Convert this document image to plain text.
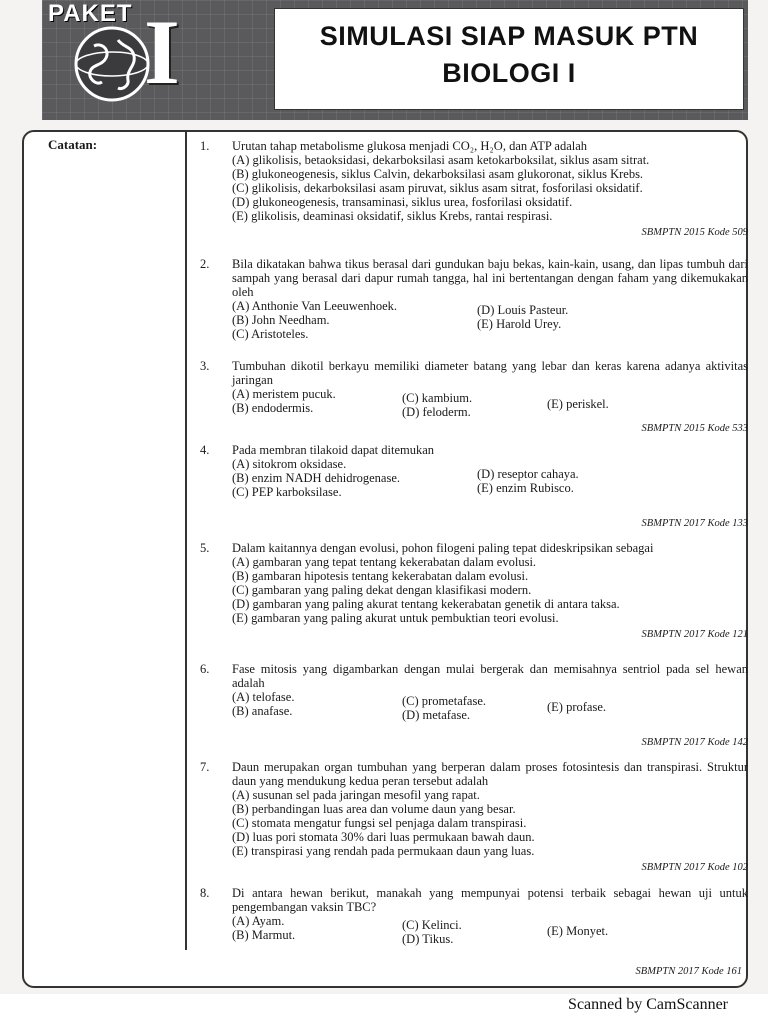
PAKET I	SIMULASI SIAP MASUK PTN
BIOLOGI I
Catatan:	1.	Urutan tahap metabolisme glukosa menjadi CO₂, H₂O, dan ATP adalah
(A) glikolisis, betaoksidasi, dekarboksilasi asam ketokarboksilat, siklus asam sitrat.
(B) glukoneogenesis, siklus Calvin, dekarboksilasi asam glukoronat, siklus Krebs.
(C) glikolisis, dekarboksilasi asam piruvat, siklus asam sitrat, fosforilasi oksidatif.
(D) glukoneogenesis, transaminasi, siklus urea, fosforilasi oksidatif.
(E) glikolisis, deaminasi oksidatif, siklus Krebs, rantai respirasi.
SBMPTN 2015 Kode 509
2.	Bila dikatakan bahwa tikus berasal dari gundukan baju bekas, kain-kain, usang, dan lipas tumbuh dari sampah yang berasal dari dapur rumah tangga, hal ini bertentangan dengan faham yang dikemukakan oleh
(A) Anthonie Van Leeuwenhoek.
(B) John Needham.
(C) Aristoteles.
(D) Louis Pasteur.
(E) Harold Urey.
3.	Tumbuhan dikotil berkayu memiliki diameter batang yang lebar dan keras karena adanya aktivitas jaringan
(A) meristem pucuk.
(B) endodermis.
(C) kambium.
(D) feloderm.
(E) periskel.
SBMPTN 2015 Kode 533
4.	Pada membran tilakoid dapat ditemukan
(A) sitokrom oksidase.
(B) enzim NADH dehidrogenase.
(C) PEP karboksilase.
(D) reseptor cahaya.
(E) enzim Rubisco.
SBMPTN 2017 Kode 133
5.	Dalam kaitannya dengan evolusi, pohon filogeni paling tepat dideskripsikan sebagai
(A) gambaran yang tepat tentang kekerabatan dalam evolusi.
(B) gambaran hipotesis tentang kekerabatan dalam evolusi.
(C) gambaran yang paling dekat dengan klasifikasi modern.
(D) gambaran yang paling akurat tentang kekerabatan genetik di antara taksa.
(E) gambaran yang paling akurat untuk pembuktian teori evolusi.
SBMPTN 2017 Kode 121
6.	Fase mitosis yang digambarkan dengan mulai bergerak dan memisahnya sentriol pada sel hewan adalah
(A) telofase.
(B) anafase.
(C) prometafase.
(D) metafase.
(E) profase.
SBMPTN 2017 Kode 142
7.	Daun merupakan organ tumbuhan yang berperan dalam proses fotosintesis dan transpirasi. Struktur daun yang mendukung kedua peran tersebut adalah
(A) susunan sel pada jaringan mesofil yang rapat.
(B) perbandingan luas area dan volume daun yang besar.
(C) stomata mengatur fungsi sel penjaga dalam transpirasi.
(D) luas pori stomata 30% dari luas permukaan bawah daun.
(E) transpirasi yang rendah pada permukaan daun yang luas.
SBMPTN 2017 Kode 102
8.	Di antara hewan berikut, manakah yang mempunyai potensi terbaik sebagai hewan uji untuk pengembangan vaksin TBC?
(A) Ayam.
(B) Marmut.
(C) Kelinci.
(D) Tikus.
(E) Monyet.
SBMPTN 2017 Kode 161
Scanned by CamScanner
